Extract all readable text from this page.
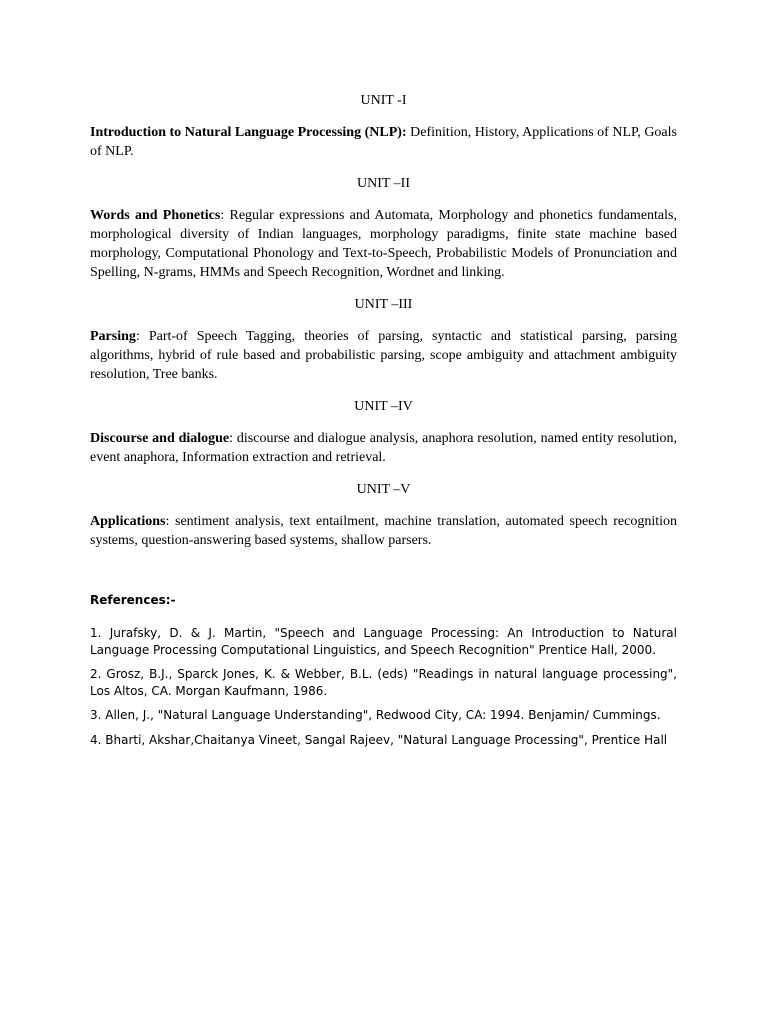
UNIT -I

Introduction to Natural Language Processing (NLP): Definition, History, Applications of NLP, Goals of NLP.

UNIT –II

Words and Phonetics: Regular expressions and Automata, Morphology and phonetics fundamentals, morphological diversity of Indian languages, morphology paradigms, finite state machine based morphology, Computational Phonology and Text-to-Speech, Probabilistic Models of Pronunciation and Spelling, N-grams, HMMs and Speech Recognition, Wordnet and linking.

UNIT –III

Parsing: Part-of Speech Tagging, theories of parsing, syntactic and statistical parsing, parsing algorithms, hybrid of rule based and probabilistic parsing, scope ambiguity and attachment ambiguity resolution, Tree banks.

UNIT –IV

Discourse and dialogue: discourse and dialogue analysis, anaphora resolution, named entity resolution, event anaphora, Information extraction and retrieval.

UNIT –V

Applications: sentiment analysis, text entailment, machine translation, automated speech recognition systems, question-answering based systems, shallow parsers.

References:-

1. Jurafsky, D. & J. Martin, "Speech and Language Processing: An Introduction to Natural Language Processing Computational Linguistics, and Speech Recognition" Prentice Hall, 2000.

2. Grosz, B.J., Sparck Jones, K. & Webber, B.L. (eds) "Readings in natural language processing", Los Altos, CA. Morgan Kaufmann, 1986.

3. Allen, J., "Natural Language Understanding", Redwood City, CA: 1994. Benjamin/ Cummings.

4. Bharti, Akshar,Chaitanya Vineet, Sangal Rajeev, "Natural Language Processing", Prentice Hall
